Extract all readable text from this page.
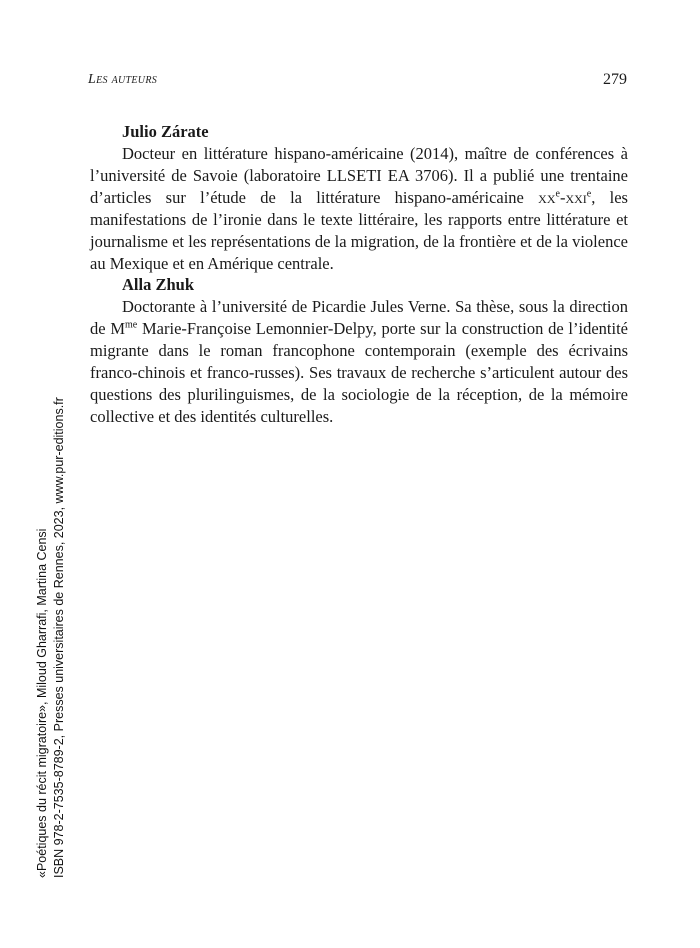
Les auteurs	279

Julio Zárate

Docteur en littérature hispano-américaine (2014), maître de conférences à l’université de Savoie (laboratoire LLSETI EA 3706). Il a publié une trentaine d’articles sur l’étude de la littérature hispano-américaine $xx^e-xxi^e$, les manifestations de l’ironie dans le texte littéraire, les rapports entre littérature et journalisme et les représentations de la migration, de la frontière et de la violence au Mexique et en Amérique centrale.

Alla Zhuk

Doctorante à l’université de Picardie Jules Verne. Sa thèse, sous la direction de $M^{me}$ Marie-Françoise Lemonnier-Delpy, porte sur la construction de l’identité migrante dans le roman francophone contemporain (exemple des écrivains franco-chinois et franco-russes). Ses travaux de recherche s’articulent autour des questions des plurilinguismes, de la sociologie de la réception, de la mémoire collective et des identités culturelles.

«Poétiques du récit migratoire», Miloud Gharrafi, Martina Censi ISBN 978-2-7535-8789-2, Presses universitaires de Rennes, 2023, www.pur-editions.fr
